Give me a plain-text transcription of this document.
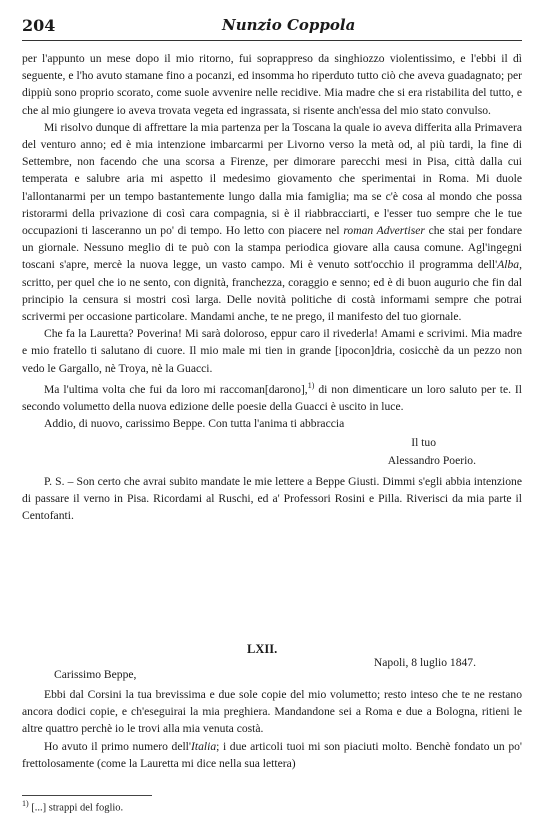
204	Nunzio Coppola

per l'appunto un mese dopo il mio ritorno, fui soprappreso da singhiozzo violentissimo, e l'ebbi il dì seguente, e l'ho avuto stamane fino a pocanzi, ed insomma ho riperduto tutto ciò che aveva guadagnato; per dippiù sono proprio scorato, come suole avvenire nelle recidive. Mia madre che si era ristabilita del tutto, e che al mio giungere io aveva trovata vegeta ed ingrassata, si risente anch'essa del mio stato convulso.

Mi risolvo dunque di affrettare la mia partenza per la Toscana la quale io aveva differita alla Primavera del venturo anno; ed è mia intenzione imbarcarmi per Livorno verso la metà od, al più tardi, la fine di Settembre, non facendo che una scorsa a Firenze, per dimorare parecchi mesi in Pisa, città dalla cui temperata e salubre aria mi aspetto il medesimo giovamento che sperimentai in Roma. Mi duole l'allontanarmi per un tempo bastantemente lungo dalla mia famiglia; ma se c'è cosa al mondo che possa ristorarmi della privazione di così cara compagnia, si è il riabbracciarti, e l'esser tuo sempre che le tue occupazioni ti lasceranno un po' di tempo. Ho letto con piacere nel roman Advertiser che stai per fondare un giornale. Nessuno meglio di te può con la stampa periodica giovare alla causa comune. Agl'ingegni toscani s'apre, mercè la nuova legge, un vasto campo. Mi è venuto sott'occhio il programma dell'Alba, scritto, per quel che io ne sento, con dignità, franchezza, coraggio e senno; ed è di buon augurio che fin dal principio la censura si mostri così larga. Delle novità politiche di costà informami sempre che potrai scrivermi per occasione particolare. Mandami anche, te ne prego, il manifesto del tuo giornale.

Che fa la Lauretta? Poverina! Mi sarà doloroso, eppur caro il rivederla! Amami e scrivimi. Mia madre e mio fratello ti salutano di cuore. Il mio male mi tien in grande [ipocon]dria, cosicchè da un pezzo non vedo le Gargallo, nè Troya, nè la Guacci.

Ma l'ultima volta che fui da loro mi raccoman[darono],$^{1)}$ di non dimenticare un loro saluto per te. Il secondo volumetto della nuova edizione delle poesie della Guacci è uscito in luce.

Addio, di nuovo, carissimo Beppe. Con tutta l'anima ti abbraccia

Il tuo
Alessandro Poerio.

P. S. – Son certo che avrai subito mandate le mie lettere a Beppe Giusti. Dimmi s'egli abbia intenzione di passare il verno in Pisa. Ricordami al Ruschi, ed a' Professori Rosini e Pilla. Riverisci da mia parte il Centofanti.

LXII.
Napoli, 8 luglio 1847.
Carissimo Beppe,

Ebbi dal Corsini la tua brevissima e due sole copie del mio volumetto; resto inteso che te ne restano ancora dodici copie, e ch'eseguirai la mia preghiera. Mandandone sei a Roma e due a Bologna, ritieni le altre quattro perchè io le trovi alla mia venuta costà.

Ho avuto il primo numero dell'Italia; i due articoli tuoi mi son piaciuti molto. Benchè fondato un po' frettolosamente (come la Lauretta mi dice nella sua lettera)

$^{1)}$ [...] strappi del foglio.
